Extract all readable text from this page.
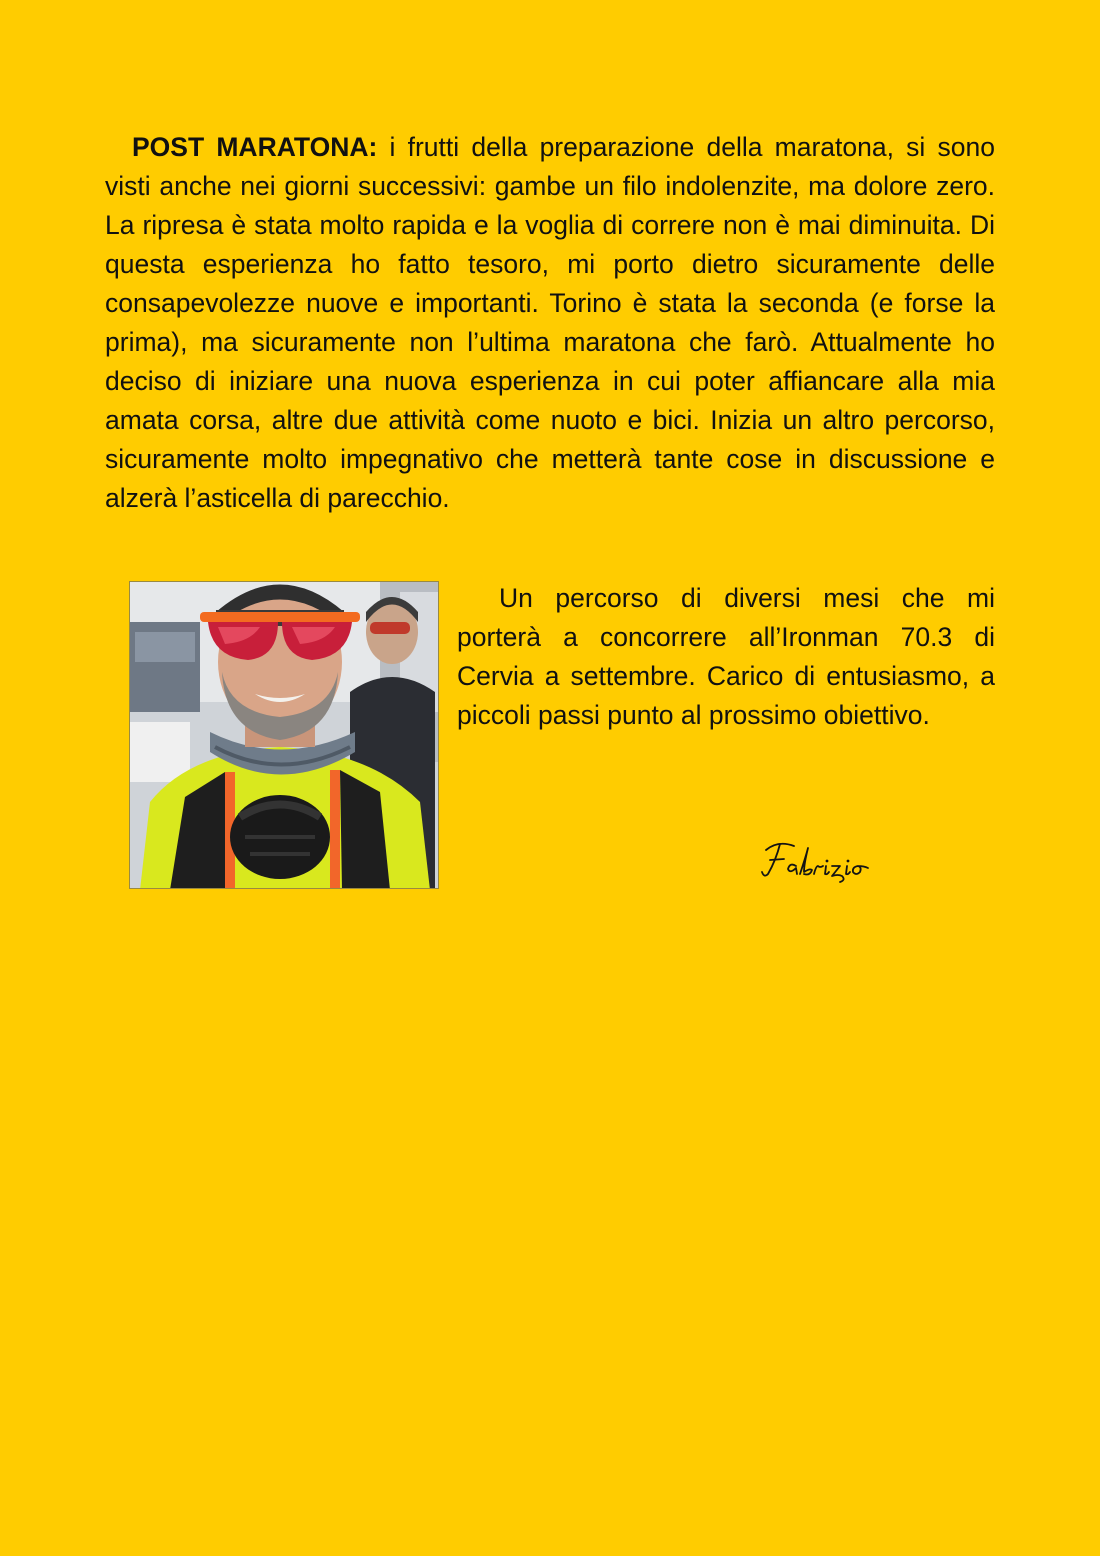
POST MARATONA: i frutti della preparazione della maratona, si sono visti anche nei giorni successivi: gambe un filo indolenzite, ma dolore zero. La ripresa è stata molto rapida e la voglia di correre non è mai diminuita. Di questa esperienza ho fatto tesoro, mi porto dietro sicuramente delle consapevolezze nuove e importanti. Torino è stata la seconda (e forse la prima), ma sicuramente non l’ultima maratona che farò. Attualmente ho deciso di iniziare una nuova esperienza in cui poter affiancare alla mia amata corsa, altre due attività come nuoto e bici. Inizia un altro percorso, sicuramente molto impegnativo che metterà tante cose in discussione e alzerà l’asticella di parecchio.

Un percorso di diversi mesi che mi porterà a concorrere all’Ironman 70.3 di Cervia a settembre. Carico di entusiasmo, a piccoli passi punto al prossimo obiettivo.
